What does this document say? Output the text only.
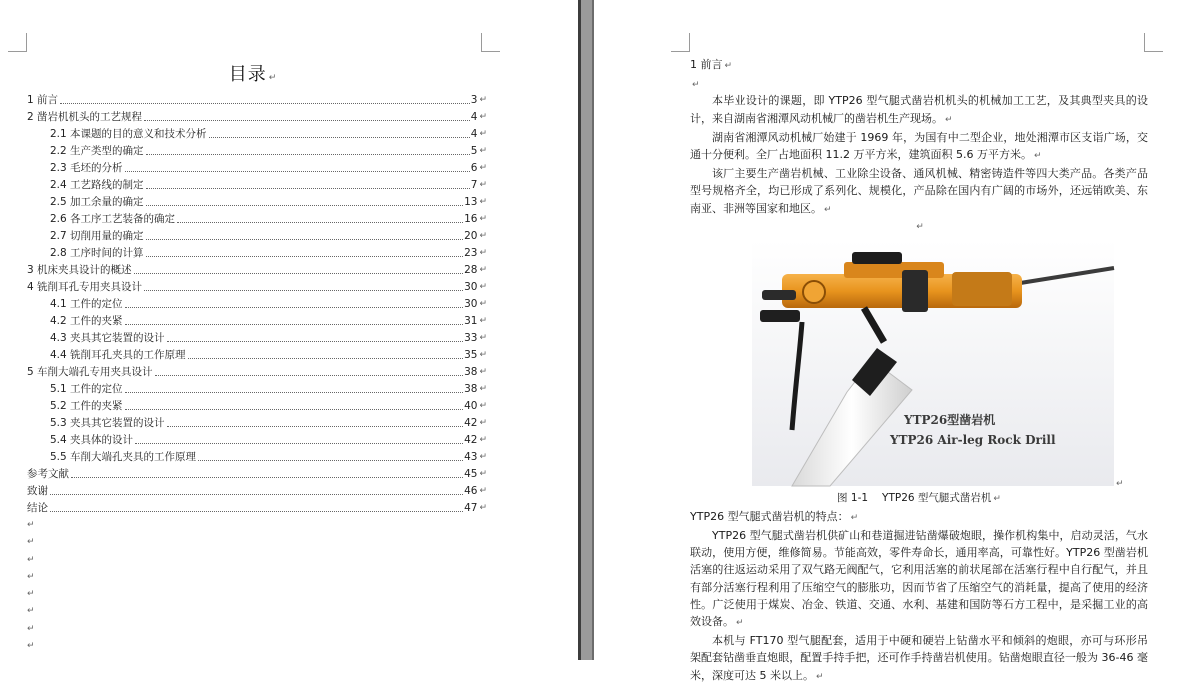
目录 ↵
1 前言	3 ↵
2 凿岩机机头的工艺规程	4 ↵
2.1 本课题的目的意义和技术分析	4 ↵
2.2 生产类型的确定	5 ↵
2.3 毛坯的分析	6 ↵
2.4 工艺路线的制定	7 ↵
2.5 加工余量的确定	13 ↵
2.6 各工序工艺装备的确定	16 ↵
2.7 切削用量的确定	20 ↵
2.8 工序时间的计算	23 ↵
3 机床夹具设计的概述	28 ↵
4 铣削耳孔专用夹具设计	30 ↵
4.1 工件的定位	30 ↵
4.2 工件的夹紧	31 ↵
4.3 夹具其它装置的设计	33 ↵
4.4 铣削耳孔夹具的工作原理	35 ↵
5 车削大端孔专用夹具设计	38 ↵
5.1 工件的定位	38 ↵
5.2 工件的夹紧	40 ↵
5.3 夹具其它装置的设计	42 ↵
5.4 夹具体的设计	42 ↵
5.5 车削大端孔夹具的工作原理	43 ↵
参考文献	45 ↵
致谢	46 ↵
结论	47 ↵
↵
↵
↵
↵
↵
↵
↵
↵
1 前言 ↵
↵

本毕业设计的课题，即 YTP26 型气腿式凿岩机机头的机械加工工艺，及其典型夹具的设计，来自湖南省湘潭风动机械厂的凿岩机生产现场。 ↵

湖南省湘潭风动机械厂始建于 1969 年，为国有中二型企业，地处湘潭市区支诣广场，交通十分便利。全厂占地面积 11.2 万平方米，建筑面积 5.6 万平方米。 ↵

该厂主要生产凿岩机械、工业除尘设备、通风机械、精密铸造件等四大类产品。各类产品型号规格齐全，均已形成了系列化、规模化，产品除在国内有广阔的市场外，还远销欧美、东南亚、非洲等国家和地区。 ↵

↵
YTP26型凿岩机
YTP26 Air-leg Rock Drill
↵
图 1-1 YTP26 型气腿式凿岩机 ↵
YTP26 型气腿式凿岩机的特点： ↵

YTP26 型气腿式凿岩机供矿山和巷道掘进钻凿爆破炮眼，操作机构集中，启动灵活，气水联动，使用方便，维修简易。节能高效，零件寿命长，通用率高，可靠性好。YTP26 型凿岩机活塞的往返运动采用了双气路无阀配气，它利用活塞的前状尾部在活塞行程中自行配气，并且有部分活塞行程利用了压缩空气的膨胀功，因而节省了压缩空气的消耗量，提高了使用的经济性。广泛使用于煤炭、冶金、铁道、交通、水利、基建和国防等石方工程中，是采掘工业的高效设备。 ↵

本机与 FT170 型气腿配套，适用于中硬和硬岩上钻凿水平和倾斜的炮眼，亦可与环形吊架配套钻凿垂直炮眼，配置手持手把，还可作手持凿岩机使用。钻凿炮眼直径一般为 36-46 毫米，深度可达 5 米以上。 ↵
